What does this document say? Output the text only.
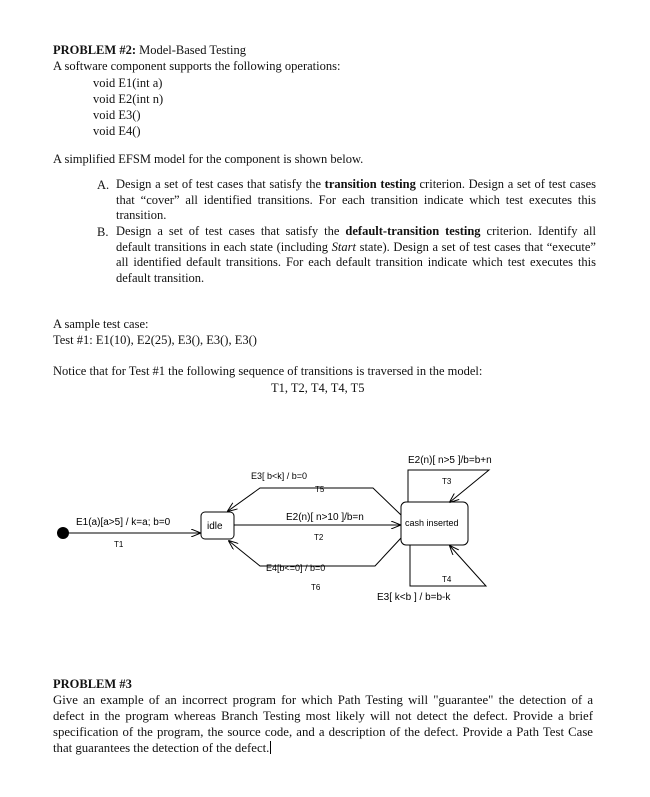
PROBLEM #2: Model-Based Testing
A software component supports the following operations:
void E1(int a)
void E2(int n)
void E3()
void E4()
A simplified EFSM model for the component is shown below.
A. Design a set of test cases that satisfy the transition testing criterion. Design a set of test cases that “cover” all identified transitions. For each transition indicate which test executes this transition.
B. Design a set of test cases that satisfy the default-transition testing criterion. Identify all default transitions in each state (including Start state). Design a set of test cases that “execute” all identified default transitions. For each default transition indicate which test executes this default transition.
A sample test case:
Test #1: E1(10), E2(25), E3(), E3(), E3()
Notice that for Test #1 the following sequence of transitions is traversed in the model:
T1, T2, T4, T4, T5
E1(a)[a>5] / k=a; b=0
T1
idle	cash inserted
E2(n)[ n>10 ]/b=n
T2
E3[ b<k] / b=0
T5
E4[b<=0] / b=0
T6
E2(n)[ n>5 ]/b=b+n
T3
T4
E3[ k<b ] / b=b-k
PROBLEM #3
Give an example of an incorrect program for which Path Testing will "guarantee" the detection of a defect in the program whereas Branch Testing most likely will not detect the defect. Provide a brief specification of the program, the source code, and a description of the defect. Provide a Path Test Case that guarantees the detection of the defect.
